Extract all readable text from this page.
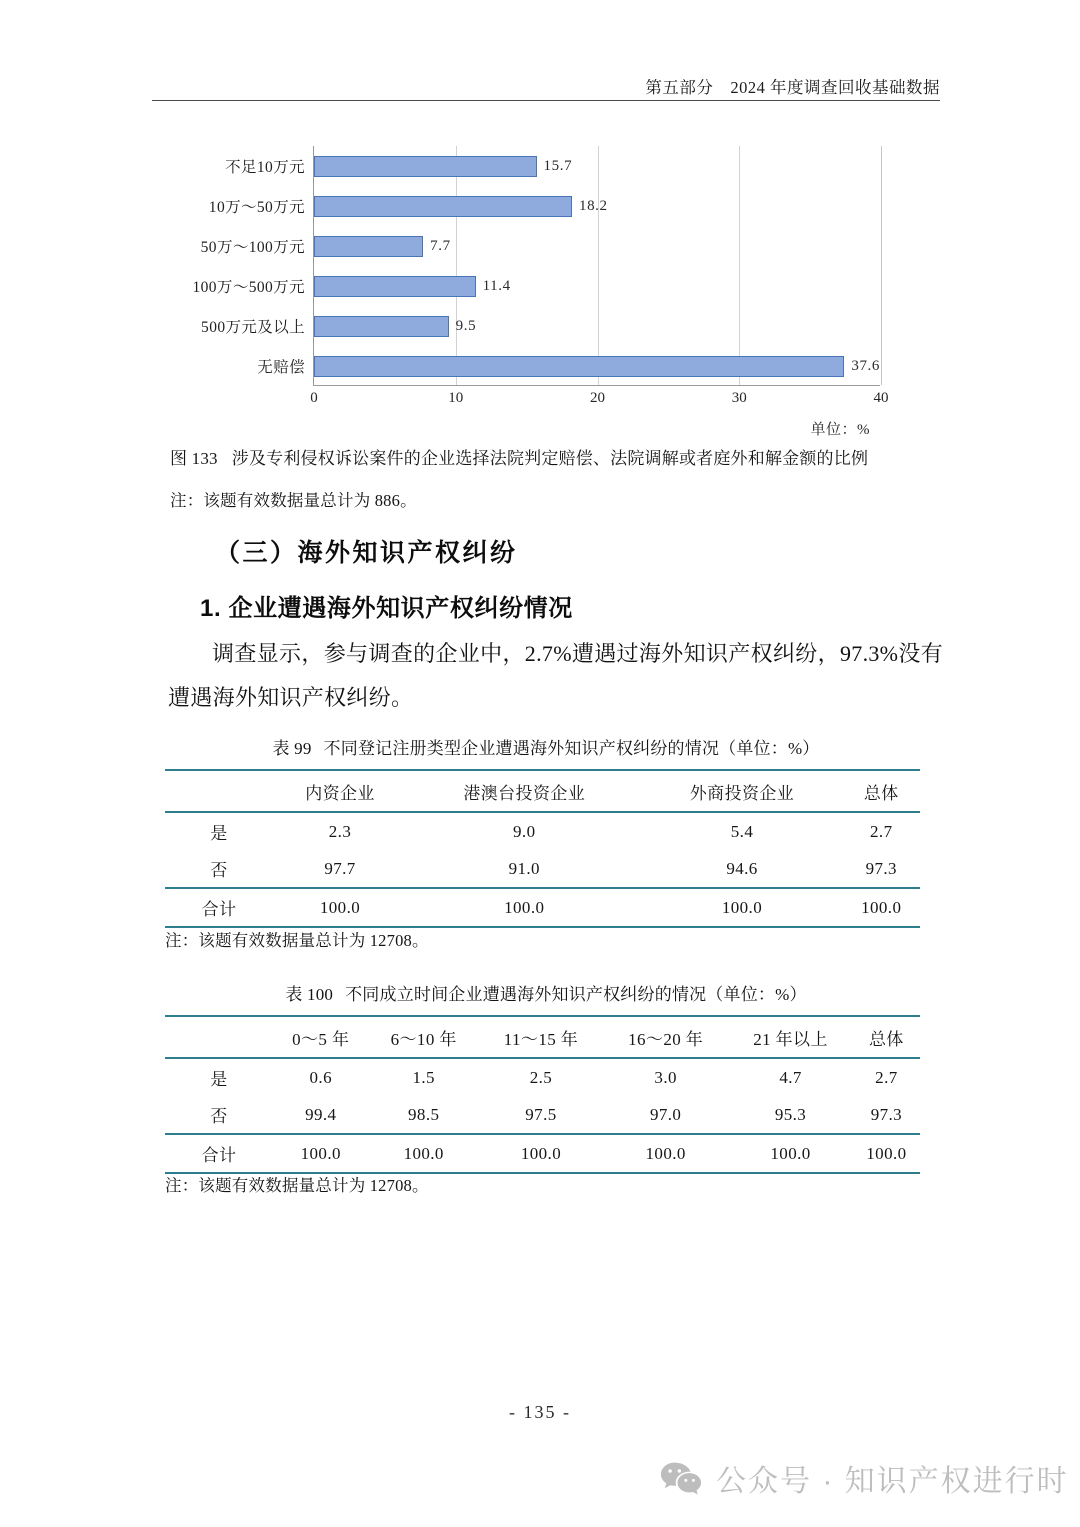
第五部分　2024 年度调查回收基础数据
不足10万元	15.7
10万～50万元	18.2
50万～100万元	7.7
100万～500万元	11.4
500万元及以上	9.5
无赔偿	37.6
0	10	20	30	40
单位：%
图 133 涉及专利侵权诉讼案件的企业选择法院判定赔偿、法院调解或者庭外和解金额的比例
注：该题有效数据量总计为 886。
（三）海外知识产权纠纷
1. 企业遭遇海外知识产权纠纷情况
调查显示，参与调查的企业中，2.7%遭遇过海外知识产权纠纷，97.3%没有遭遇海外知识产权纠纷。
表 99 不同登记注册类型企业遭遇海外知识产权纠纷的情况（单位：%）
	内资企业	港澳台投资企业	外商投资企业	总体
是	2.3	9.0	5.4	2.7
否	97.7	91.0	94.6	97.3
合计	100.0	100.0	100.0	100.0
注：该题有效数据量总计为 12708。
表 100 不同成立时间企业遭遇海外知识产权纠纷的情况（单位：%）
	0～5 年	6～10 年	11～15 年	16～20 年	21 年以上	总体
是	0.6	1.5	2.5	3.0	4.7	2.7
否	99.4	98.5	97.5	97.0	95.3	97.3
合计	100.0	100.0	100.0	100.0	100.0	100.0
注：该题有效数据量总计为 12708。
- 135 -
公众号 · 知识产权进行时
